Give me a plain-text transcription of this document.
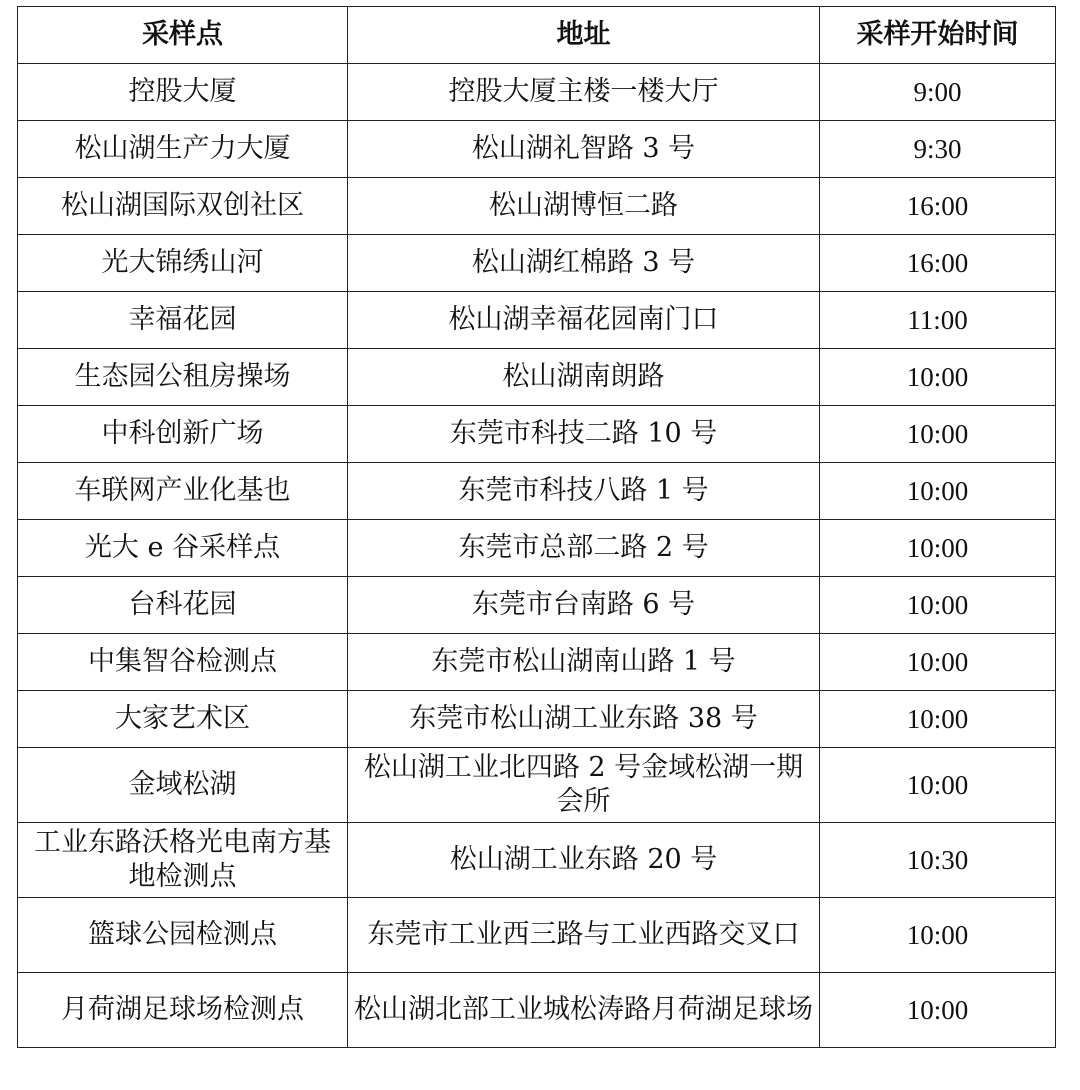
采样点	地址	采样开始时间
控股大厦	控股大厦主楼一楼大厅	9:00
松山湖生产力大厦	松山湖礼智路 3 号	9:30
松山湖国际双创社区	松山湖博恒二路	16:00
光大锦绣山河	松山湖红棉路 3 号	16:00
幸福花园	松山湖幸福花园南门口	11:00
生态园公租房操场	松山湖南朗路	10:00
中科创新广场	东莞市科技二路 10 号	10:00
车联网产业化基也	东莞市科技八路 1 号	10:00
光大 e 谷采样点	东莞市总部二路 2 号	10:00
台科花园	东莞市台南路 6 号	10:00
中集智谷检测点	东莞市松山湖南山路 1 号	10:00
大家艺术区	东莞市松山湖工业东路 38 号	10:00
金域松湖	松山湖工业北四路 2 号金域松湖一期会所	10:00
工业东路沃格光电南方基地检测点	松山湖工业东路 20 号	10:30
篮球公园检测点	东莞市工业西三路与工业西路交叉口	10:00
月荷湖足球场检测点	松山湖北部工业城松涛路月荷湖足球场	10:00
